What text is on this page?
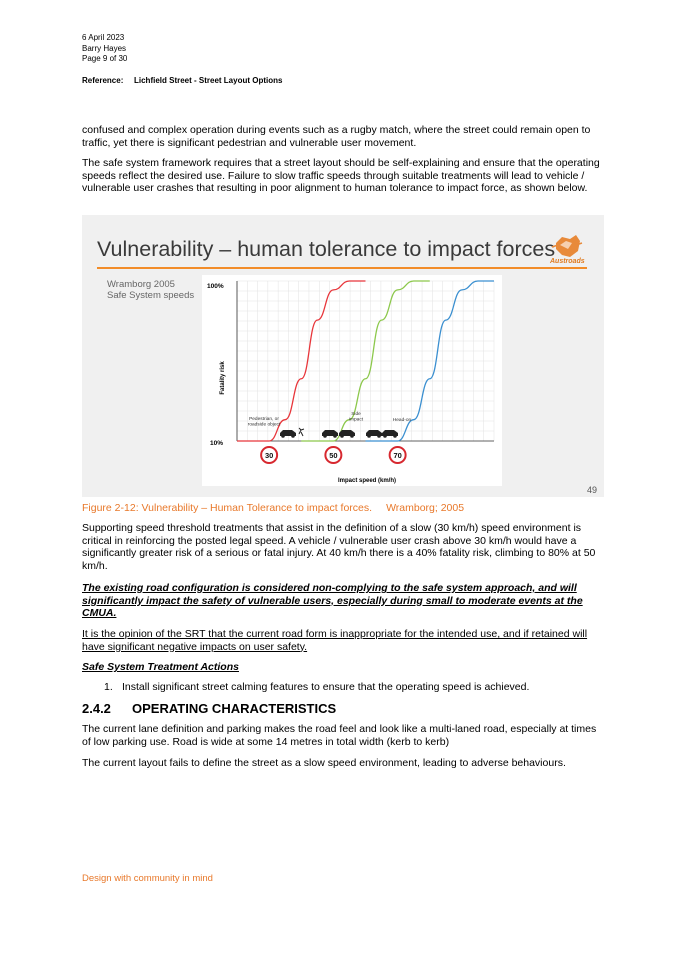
6 April 2023
Barry Hayes
Page 9 of 30
Reference: Lichfield Street - Street Layout Options

confused and complex operation during events such as a rugby match, where the street could remain open to traffic, yet there is significant pedestrian and vulnerable user movement.

The safe system framework requires that a street layout should be self-explaining and ensure that the operating speeds reflect the desired use. Failure to slow traffic speeds through suitable treatments will lead to vehicle / vulnerable user crashes that resulting in poor alignment to human tolerance to impact force, as shown below.

Vulnerability – human tolerance to impact forces
Austroads
Wramborg 2005
Safe System speeds
100%
10%
Fatality risk
Pedestrian, or roadside object
Side impact	Head-on
30	50	70
Impact speed (km/h)
49
Figure 2-12: Vulnerability – Human Tolerance to impact forces. Wramborg; 2005

Supporting speed threshold treatments that assist in the definition of a slow (30 km/h) speed environment is critical in reinforcing the posted legal speed. A vehicle / vulnerable user crash above 30 km/h would have a significantly greater risk of a serious or fatal injury. At 40 km/h there is a 40% fatality risk, climbing to 80% at 50 km/h.

The existing road configuration is considered non-complying to the safe system approach, and will significantly impact the safety of vulnerable users, especially during small to moderate events at the CMUA.

It is the opinion of the SRT that the current road form is inappropriate for the intended use, and if retained will have significant negative impacts on user safety.

Safe System Treatment Actions

1. Install significant street calming features to ensure that the operating speed is achieved.
2.4.2 OPERATING CHARACTERISTICS

The current lane definition and parking makes the road feel and look like a multi-laned road, especially at times of low parking use. Road is wide at some 14 metres in total width (kerb to kerb)

The current layout fails to define the street as a slow speed environment, leading to adverse behaviours.

Design with community in mind
